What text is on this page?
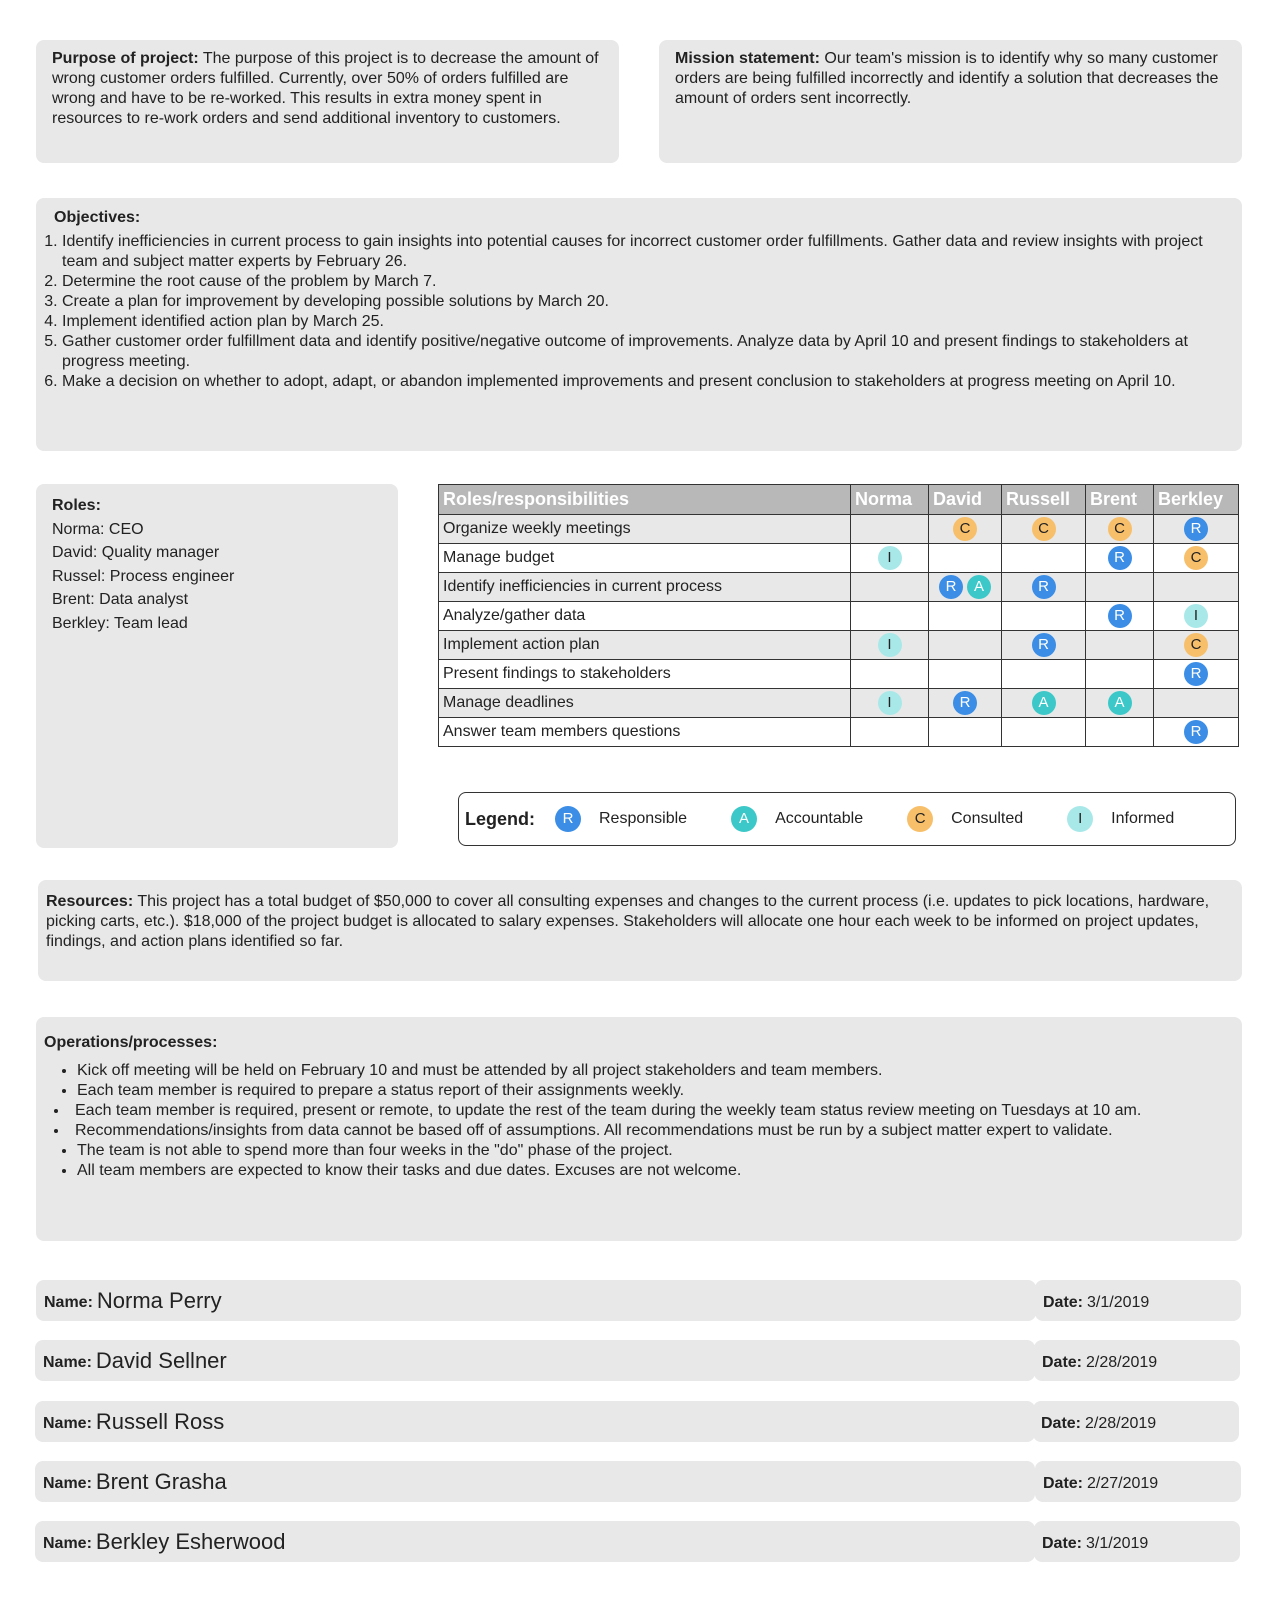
Purpose of project: The purpose of this project is to decrease the amount of wrong customer orders fulfilled. Currently, over 50% of orders fulfilled are wrong and have to be re-worked. This results in extra money spent in resources to re-work orders and send additional inventory to customers.
Mission statement: Our team's mission is to identify why so many customer orders are being fulfilled incorrectly and identify a solution that decreases the amount of orders sent incorrectly.
Objectives:
1. Identify inefficiencies in current process to gain insights into potential causes for incorrect customer order fulfillments. Gather data and review insights with project team and subject matter experts by February 26.
2. Determine the root cause of the problem by March 7.
3. Create a plan for improvement by developing possible solutions by March 20.
4. Implement identified action plan by March 25.
5. Gather customer order fulfillment data and identify positive/negative outcome of improvements. Analyze data by April 10 and present findings to stakeholders at progress meeting.
6. Make a decision on whether to adopt, adapt, or abandon implemented improvements and present conclusion to stakeholders at progress meeting on April 10.
Roles:
Norma: CEO
David: Quality manager
Russel: Process engineer
Brent: Data analyst
Berkley: Team lead
Roles/responsibilities	Norma	David	Russell	Brent	Berkley
Organize weekly meetings		C	C	C	R
Manage budget	I			R	C
Identify inefficiencies in current process		R A	R		
Analyze/gather data				R	I
Implement action plan	I		R		C
Present findings to stakeholders					R
Manage deadlines	I	R	A	A	
Answer team members questions					R
Legend:	R	Responsible	A	Accountable	C	Consulted	I	Informed
Resources: This project has a total budget of $50,000 to cover all consulting expenses and changes to the current process (i.e. updates to pick locations, hardware, picking carts, etc.). $18,000 of the project budget is allocated to salary expenses. Stakeholders will allocate one hour each week to be informed on project updates, findings, and action plans identified so far.
Operations/processes:
• Kick off meeting will be held on February 10 and must be attended by all project stakeholders and team members.
• Each team member is required to prepare a status report of their assignments weekly.
• Each team member is required, present or remote, to update the rest of the team during the weekly team status review meeting on Tuesdays at 10 am.
• Recommendations/insights from data cannot be based off of assumptions. All recommendations must be run by a subject matter expert to validate.
• The team is not able to spend more than four weeks in the "do" phase of the project.
• All team members are expected to know their tasks and due dates. Excuses are not welcome.
Name: Norma Perry	Date: 3/1/2019
Name: David Sellner	Date: 2/28/2019
Name: Russell Ross	Date: 2/28/2019
Name: Brent Grasha	Date: 2/27/2019
Name: Berkley Esherwood	Date: 3/1/2019
